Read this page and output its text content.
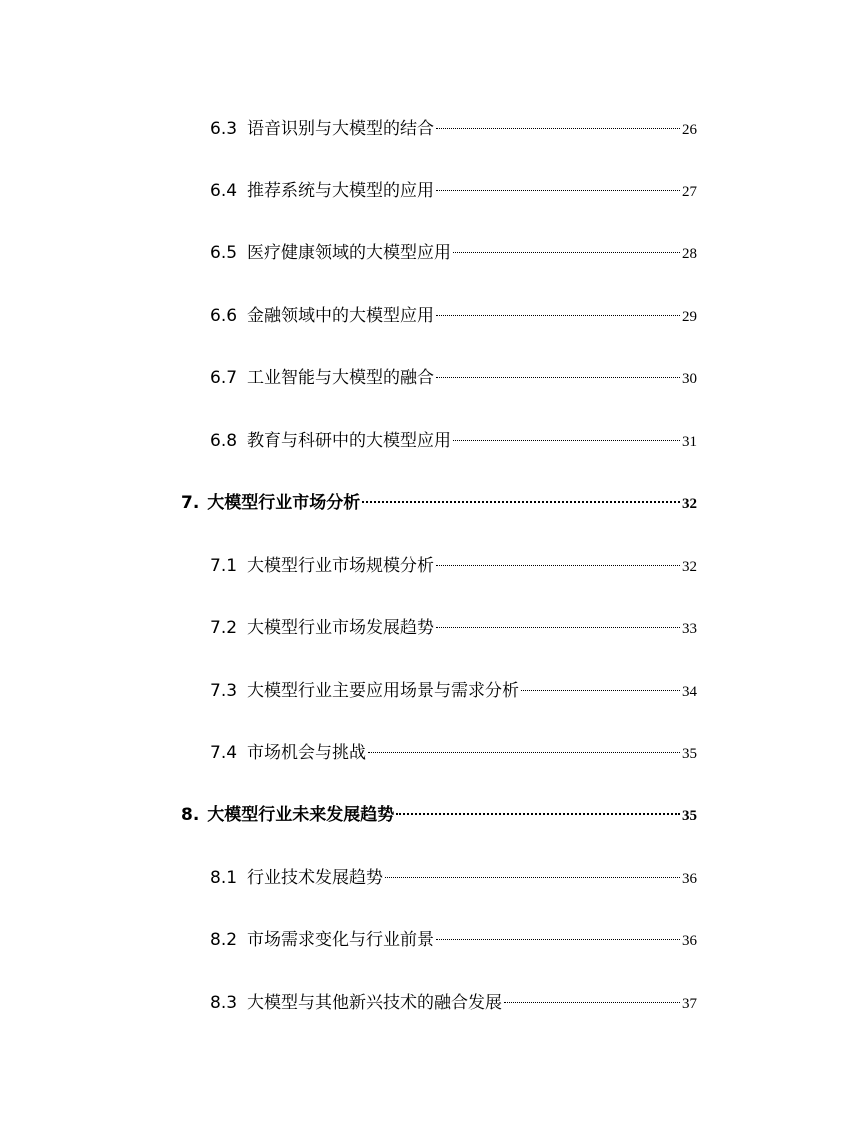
6.3 语音识别与大模型的结合	26
6.4 推荐系统与大模型的应用	27
6.5 医疗健康领域的大模型应用	28
6.6 金融领域中的大模型应用	29
6.7 工业智能与大模型的融合	30
6.8 教育与科研中的大模型应用	31
7. 大模型行业市场分析	32
7.1 大模型行业市场规模分析	32
7.2 大模型行业市场发展趋势	33
7.3 大模型行业主要应用场景与需求分析	34
7.4 市场机会与挑战	35
8. 大模型行业未来发展趋势	35
8.1 行业技术发展趋势	36
8.2 市场需求变化与行业前景	36
8.3 大模型与其他新兴技术的融合发展	37
